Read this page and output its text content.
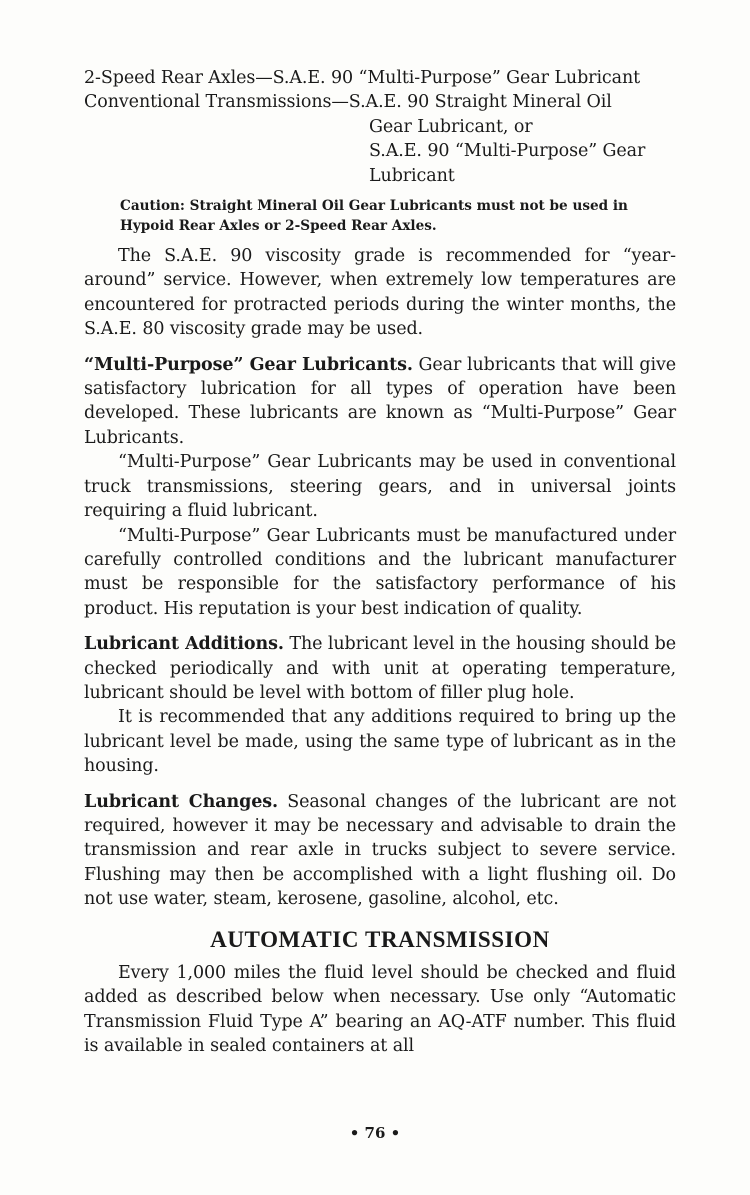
2-Speed Rear Axles—S.A.E. 90 “Multi-Purpose” Gear Lubricant
Conventional Transmissions—S.A.E. 90 Straight Mineral Oil
Gear Lubricant, or
S.A.E. 90 “Multi-Purpose” Gear
Lubricant
Caution: Straight Mineral Oil Gear Lubricants must not be used in Hypoid Rear Axles or 2-Speed Rear Axles.

The S.A.E. 90 viscosity grade is recommended for “year-around” service. However, when extremely low temperatures are encountered for protracted periods during the winter months, the S.A.E. 80 viscosity grade may be used.

“Multi-Purpose” Gear Lubricants. Gear lubricants that will give satisfactory lubrication for all types of operation have been developed. These lubricants are known as “Multi-Purpose” Gear Lubricants.

“Multi-Purpose” Gear Lubricants may be used in conventional truck transmissions, steering gears, and in universal joints requiring a fluid lubricant.

“Multi-Purpose” Gear Lubricants must be manufactured under carefully controlled conditions and the lubricant manufacturer must be responsible for the satisfactory performance of his product. His reputation is your best indication of quality.

Lubricant Additions. The lubricant level in the housing should be checked periodically and with unit at operating temperature, lubricant should be level with bottom of filler plug hole.

It is recommended that any additions required to bring up the lubricant level be made, using the same type of lubricant as in the housing.

Lubricant Changes. Seasonal changes of the lubricant are not required, however it may be necessary and advisable to drain the transmission and rear axle in trucks subject to severe service. Flushing may then be accomplished with a light flushing oil. Do not use water, steam, kerosene, gasoline, alcohol, etc.

AUTOMATIC TRANSMISSION

Every 1,000 miles the fluid level should be checked and fluid added as described below when necessary. Use only “Automatic Transmission Fluid Type A” bearing an AQ-ATF number. This fluid is available in sealed containers at all

• 76 •
